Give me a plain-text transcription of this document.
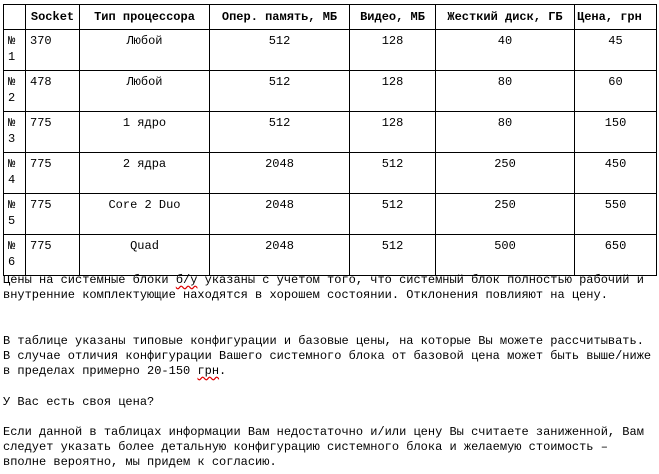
	Socket	Тип процессора	Опер. память, МБ	Видео, МБ	Жесткий диск, ГБ	Цена, грн
№ 1	370	Любой	512	128	40	45
№ 2	478	Любой	512	128	80	60
№ 3	775	1 ядро	512	128	80	150
№ 4	775	2 ядра	2048	512	250	450
№ 5	775	Core 2 Duo	2048	512	250	550
№ 6	775	Quad	2048	512	500	650

Цены на системные блоки б/у указаны с учетом того, что системный блок полностью рабочий и внутренние комплектующие находятся в хорошем состоянии. Отклонения повлияют на цену.

В таблице указаны типовые конфигурации и базовые цены, на которые Вы можете рассчитывать. В случае отличия конфигурации Вашего системного блока от базовой цена может быть выше/ниже в пределах примерно 20-150 грн.

У Вас есть своя цена?

Если данной в таблицах информации Вам недостаточно и/или цену Вы считаете заниженной, Вам следует указать более детальную конфигурацию системного блока и желаемую стоимость – вполне вероятно, мы придем к согласию.
